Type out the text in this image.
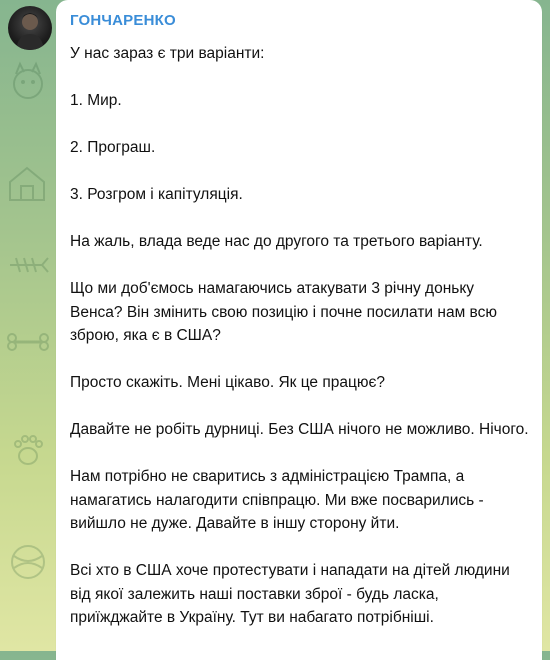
ГОНЧАРЕНКО

У нас зараз є три варіанти:

1. Мир.

2. Програш.

3. Розгром і капітуляція.

На жаль, влада веде нас до другого та третього варіанту.

Що ми доб'ємось намагаючись атакувати 3 річну доньку Венса? Він змінить свою позицію і почне посилати нам всю зброю, яка є в США?

Просто скажіть. Мені цікаво. Як це працює?

Давайте не робіть дурниці. Без США нічого не можливо. Нічого.

Нам потрібно не сваритись з адміністрацією Трампа, а намагатись налагодити співпрацю. Ми вже посварились - вийшло не дуже. Давайте в іншу сторону йти.

Всі хто в США хоче протестувати і нападати на дітей людини від якої залежить наші поставки зброї - будь ласка, приїжджайте в Україну. Тут ви набагато потрібніші.
